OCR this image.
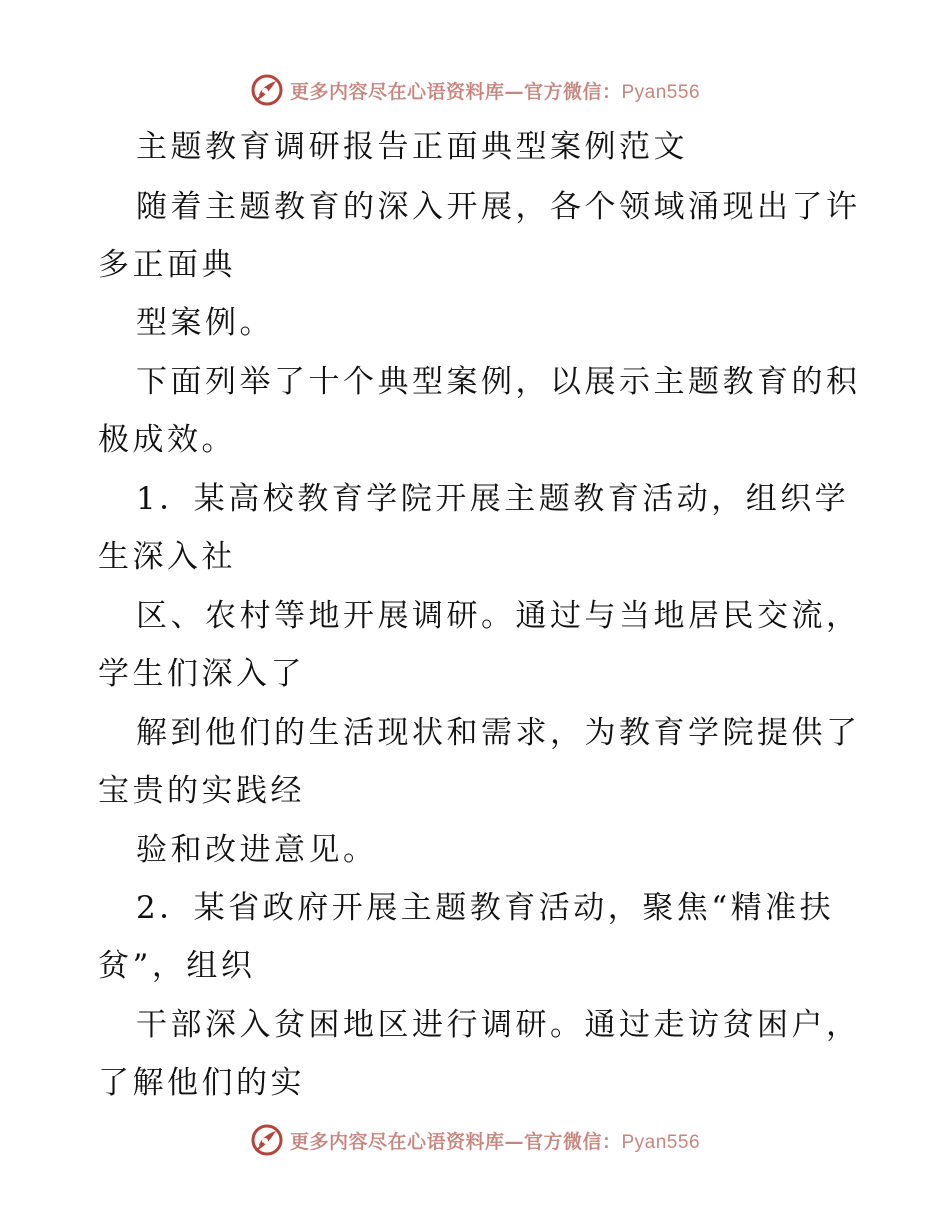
更多内容尽在心语资料库—官方微信：Pyan556
主题教育调研报告正面典型案例范文
随着主题教育的深入开展，各个领域涌现出了许
多正面典
型案例。
下面列举了十个典型案例，以展示主题教育的积
极成效。
1．某高校教育学院开展主题教育活动，组织学
生深入社
区、农村等地开展调研。通过与当地居民交流，
学生们深入了
解到他们的生活现状和需求，为教育学院提供了
宝贵的实践经
验和改进意见。
2．某省政府开展主题教育活动，聚焦“精准扶
贫”，组织
干部深入贫困地区进行调研。通过走访贫困户，
了解他们的实
更多内容尽在心语资料库—官方微信：Pyan556
